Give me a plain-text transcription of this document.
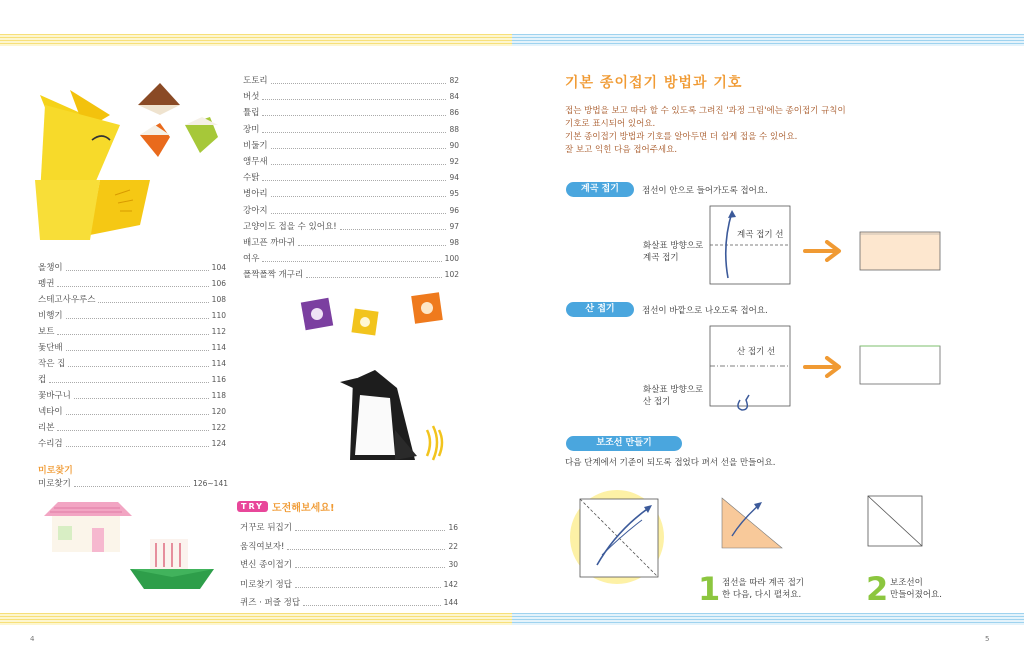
도토리	82
버섯	84
튤립	86
장미	88
비둘기	90
앵무새	92
수탉	94
병아리	95
강아지	96
고양이도 접을 수 있어요!	97
배고픈 까마귀	98
여우	100
폴짝폴짝 개구리	102
올챙이	104
펭귄	106
스테고사우루스	108
비행기	110
보트	112
돛단배	114
작은 집	114
컵	116
꽃바구니	118
넥타이	120
리본	122
수리검	124
미로찾기
미로찾기	126~141
TRY 도전해보세요!
거꾸로 뒤집기	16
움직여보자!	22
변신 종이접기	30
미로찾기 정답	142
퀴즈 · 퍼즐 정답	144
4
기본 종이접기 방법과 기호
접는 방법을 보고 따라 할 수 있도록 그려진 '과정 그림'에는 종이접기 규칙이
기호로 표시되어 있어요.
기본 종이접기 방법과 기호를 알아두면 더 쉽게 접을 수 있어요.
잘 보고 익힌 다음 접어주세요.
계곡 접기	점선이 안으로 들어가도록 접어요.
계곡 접기 선
화살표 방향으로
계곡 접기
산 접기	점선이 바깥으로 나오도록 접어요.
산 접기 선
화살표 방향으로
산 접기
보조선 만들기
다음 단계에서 기준이 되도록 접었다 펴서 선을 만들어요.
1 점선을 따라 계곡 접기
한 다음, 다시 펼쳐요. 2 보조선이
만들어졌어요.
5
